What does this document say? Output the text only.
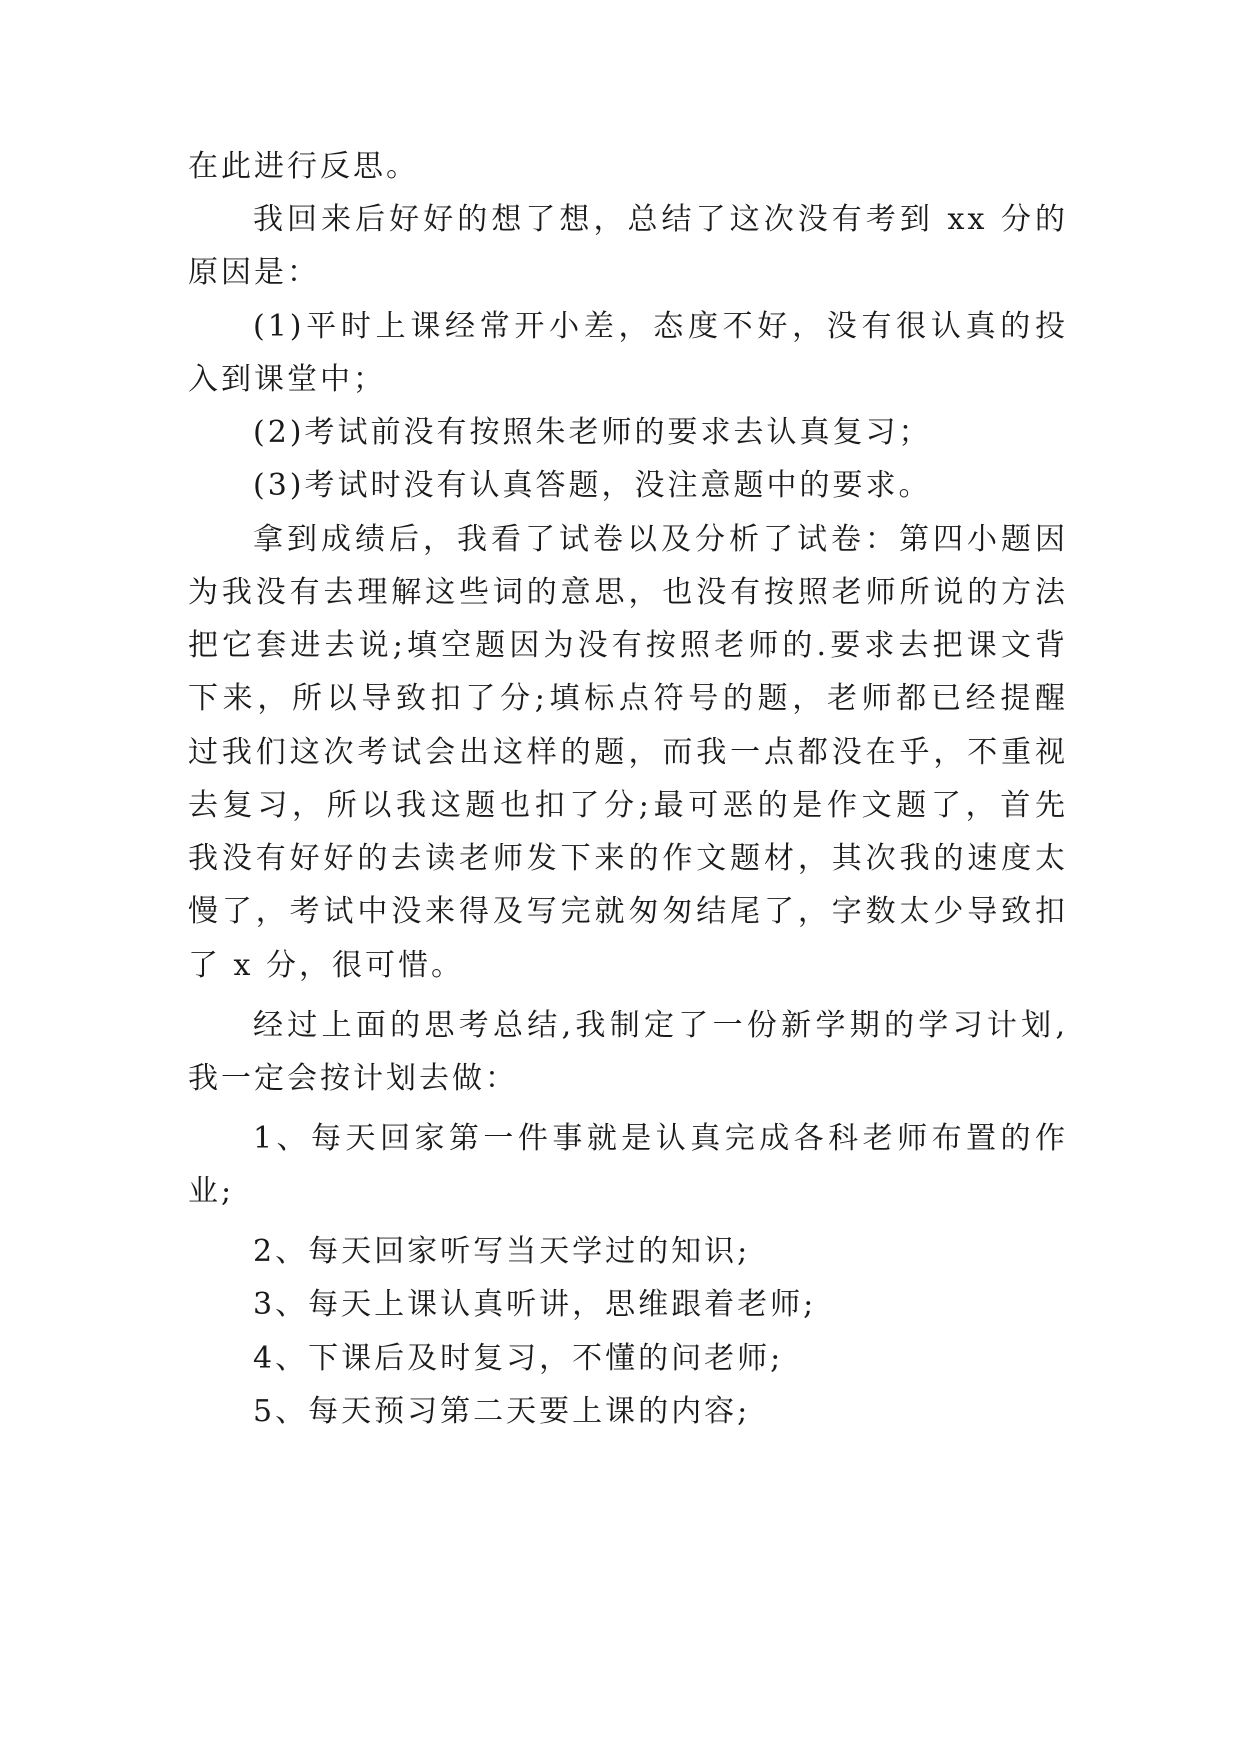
在此进行反思。
我回来后好好的想了想，总结了这次没有考到 xx 分的
原因是：
(1)平时上课经常开小差，态度不好，没有很认真的投
入到课堂中；
(2)考试前没有按照朱老师的要求去认真复习；
(3)考试时没有认真答题，没注意题中的要求。
拿到成绩后，我看了试卷以及分析了试卷：第四小题因
为我没有去理解这些词的意思，也没有按照老师所说的方法
把它套进去说;填空题因为没有按照老师的.要求去把课文背
下来，所以导致扣了分;填标点符号的题，老师都已经提醒
过我们这次考试会出这样的题，而我一点都没在乎，不重视
去复习，所以我这题也扣了分;最可恶的是作文题了，首先
我没有好好的去读老师发下来的作文题材，其次我的速度太
慢了，考试中没来得及写完就匆匆结尾了，字数太少导致扣
了 x 分，很可惜。
经过上面的思考总结,我制定了一份新学期的学习计划,
我一定会按计划去做：
1、每天回家第一件事就是认真完成各科老师布置的作
业;
2、每天回家听写当天学过的知识;
3、每天上课认真听讲，思维跟着老师;
4、下课后及时复习，不懂的问老师;
5、每天预习第二天要上课的内容;
